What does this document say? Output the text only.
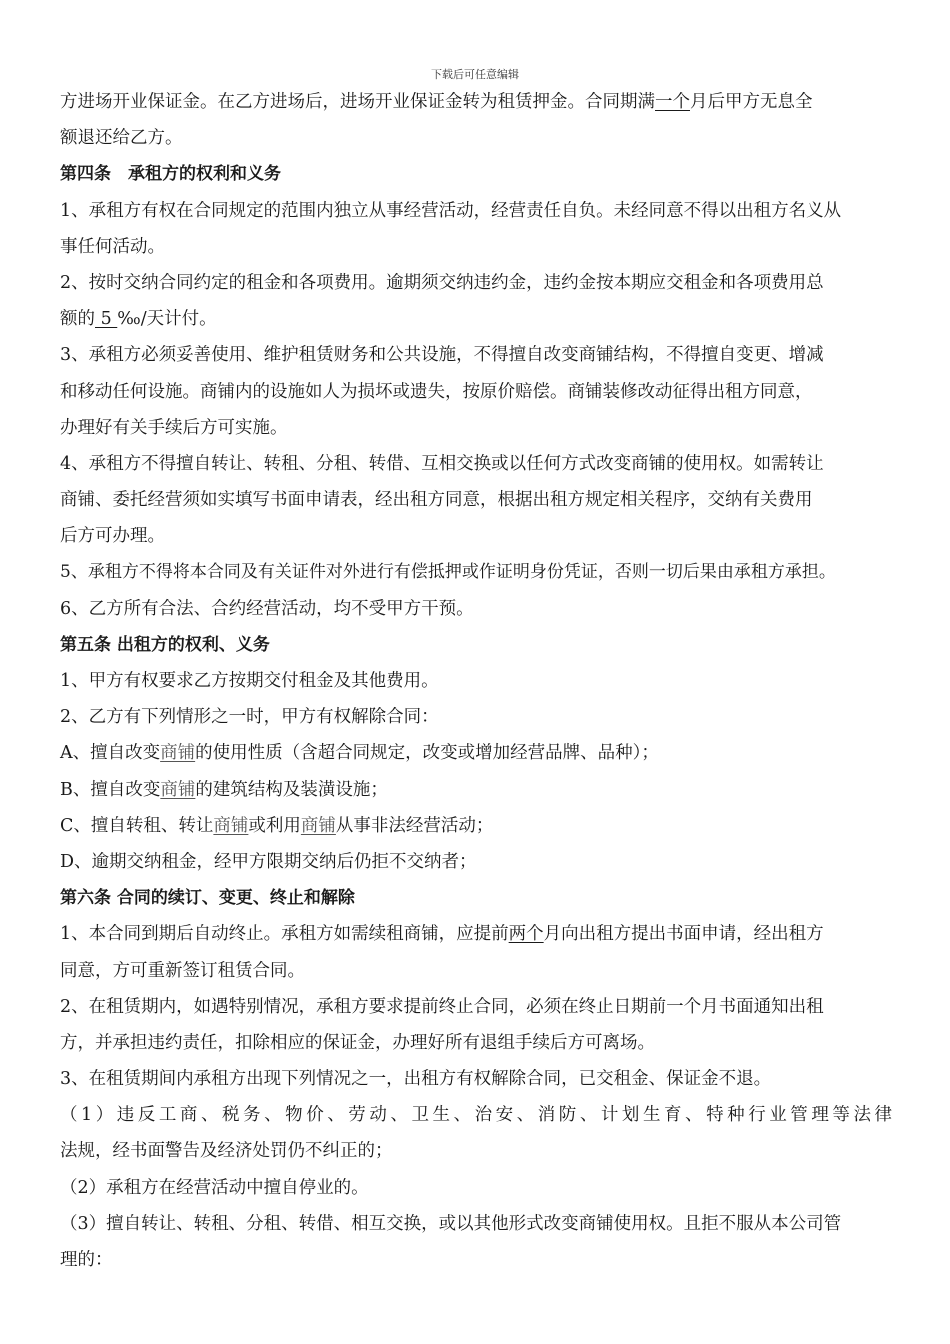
下载后可任意编辑
方进场开业保证金。在乙方进场后，进场开业保证金转为租赁押金。合同期满一个月后甲方无息全
额退还给乙方。
第四条　承租方的权利和义务
1、承租方有权在合同规定的范围内独立从事经营活动，经营责任自负。未经同意不得以出租方名义从
事任何活动。
2、按时交纳合同约定的租金和各项费用。逾期须交纳违约金，违约金按本期应交租金和各项费用总
额的 5 ‰/天计付。
3、承租方必须妥善使用、维护租赁财务和公共设施，不得擅自改变商铺结构，不得擅自变更、增减
和移动任何设施。商铺内的设施如人为损坏或遗失，按原价赔偿。商铺装修改动征得出租方同意，
办理好有关手续后方可实施。
4、承租方不得擅自转让、转租、分租、转借、互相交换或以任何方式改变商铺的使用权。如需转让
商铺、委托经营须如实填写书面申请表，经出租方同意，根据出租方规定相关程序，交纳有关费用
后方可办理。
5、承租方不得将本合同及有关证件对外进行有偿抵押或作证明身份凭证，否则一切后果由承租方承担。
6、乙方所有合法、合约经营活动，均不受甲方干预。
第五条 出租方的权利、义务
1、甲方有权要求乙方按期交付租金及其他费用。
2、乙方有下列情形之一时，甲方有权解除合同：
A、擅自改变商铺的使用性质（含超合同规定，改变或增加经营品牌、品种）；
B、擅自改变商铺的建筑结构及装潢设施；
C、擅自转租、转让商铺或利用商铺从事非法经营活动；
D、逾期交纳租金，经甲方限期交纳后仍拒不交纳者；
第六条 合同的续订、变更、终止和解除
1、本合同到期后自动终止。承租方如需续租商铺，应提前两个月向出租方提出书面申请，经出租方
同意，方可重新签订租赁合同。
2、在租赁期内，如遇特别情况，承租方要求提前终止合同，必须在终止日期前一个月书面通知出租
方，并承担违约责任，扣除相应的保证金，办理好所有退组手续后方可离场。
3、在租赁期间内承租方出现下列情况之一，出租方有权解除合同，已交租金、保证金不退。
（1）违反工商、税务、物价、劳动、卫生、治安、消防、计划生育、特种行业管理等法律
法规，经书面警告及经济处罚仍不纠正的；
（2）承租方在经营活动中擅自停业的。
（3）擅自转让、转租、分租、转借、相互交换，或以其他形式改变商铺使用权。且拒不服从本公司管
理的：
